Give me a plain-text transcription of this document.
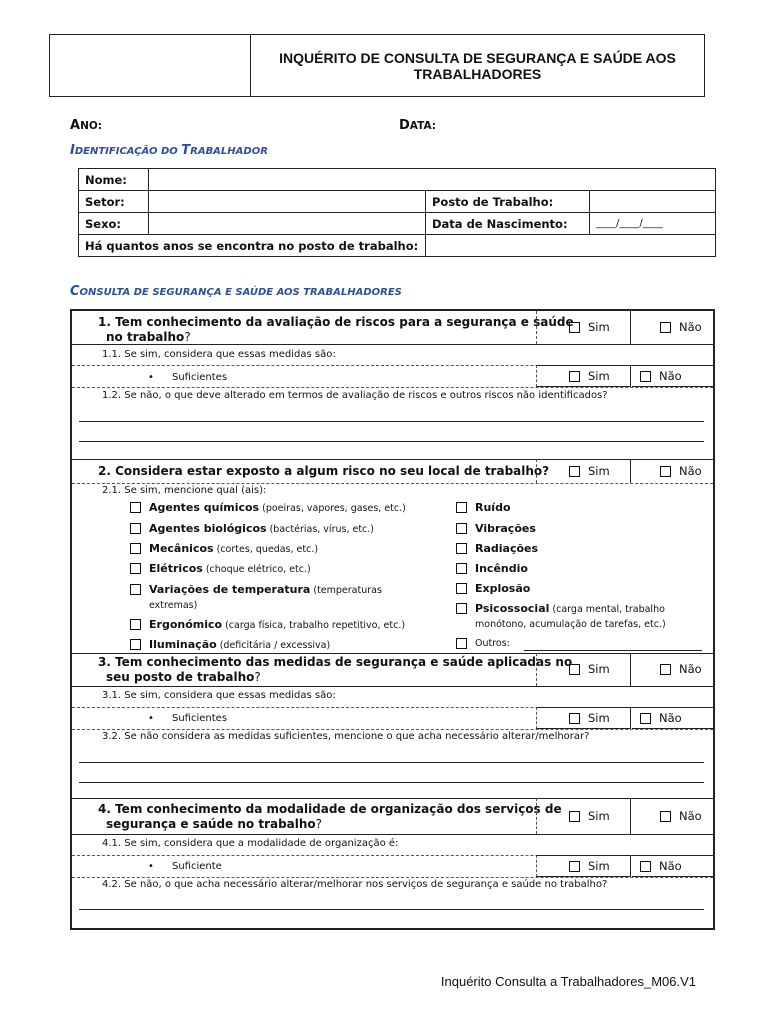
INQUÉRITO DE CONSULTA DE SEGURANÇA E SAÚDE AOS
TRABALHADORES
ANO:	DATA:
IDENTIFICAÇÃO DO TRABALHADOR
Nome:			
Setor:		Posto de Trabalho:	
Sexo:		Data de Nascimento:	____/____/____
Há quantos anos se encontra no posto de trabalho:			
CONSULTA DE SEGURANÇA E SAÚDE AOS TRABALHADORES
1. Tem conhecimento da avaliação de riscos para a segurança e saúde
no trabalho?
Sim	Não
1.1. Se sim, considera que essas medidas são:
• Suficientes	Sim	Não
1.2. Se não, o que deve alterado em termos de avaliação de riscos e outros riscos não identificados?
2. Considera estar exposto a algum risco no seu local de trabalho?	Sim	Não
2.1. Se sim, mencione qual (ais):
Agentes químicos (poeiras, vapores, gases, etc.)
Agentes biológicos (bactérias, vírus, etc.)
Mecânicos (cortes, quedas, etc.)
Elétricos (choque elétrico, etc.)
Variações de temperatura (temperaturas
extremas)
Ergonómico (carga física, trabalho repetitivo, etc.)
Iluminação (deficitária / excessiva)
Ruído
Vibrações
Radiações
Incêndio
Explosão
Psicossocial (carga mental, trabalho
monótono, acumulação de tarefas, etc.)
Outros:
3. Tem conhecimento das medidas de segurança e saúde aplicadas no
seu posto de trabalho?
Sim	Não
3.1. Se sim, considera que essas medidas são:
• Suficientes	Sim	Não
3.2. Se não considera as medidas suficientes, mencione o que acha necessário alterar/melhorar?
4. Tem conhecimento da modalidade de organização dos serviços de
segurança e saúde no trabalho?
Sim	Não
4.1. Se sim, considera que a modalidade de organização é:
• Suficiente	Sim	Não
4.2. Se não, o que acha necessário alterar/melhorar nos serviços de segurança e saúde no trabalho?
Inquérito Consulta a Trabalhadores_M06.V1
